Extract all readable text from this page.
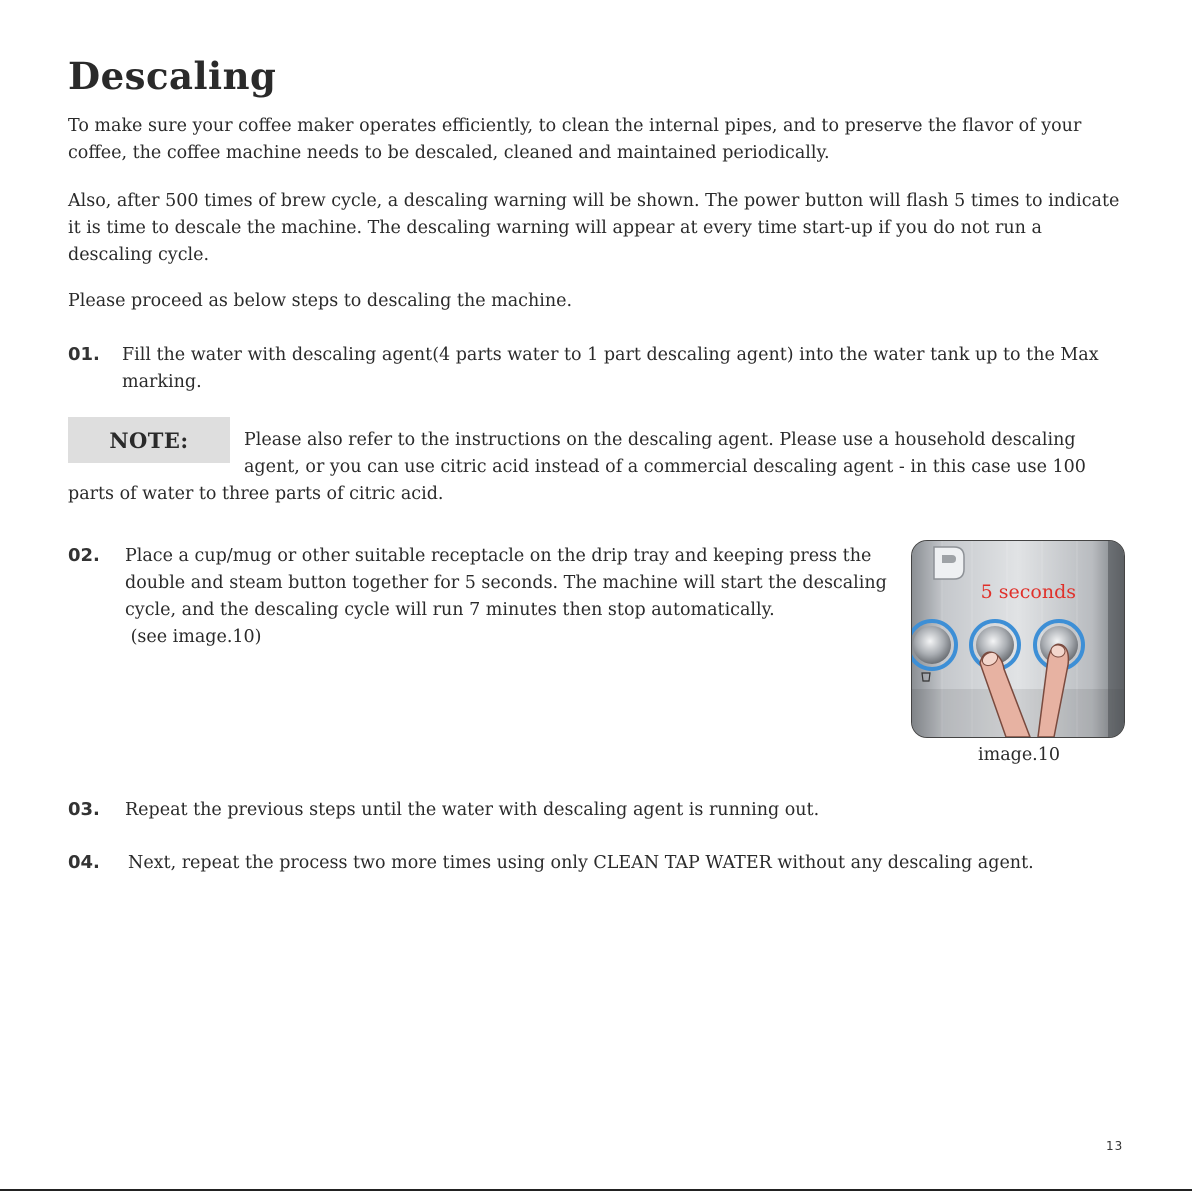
Descaling

To make sure your coffee maker operates efficiently, to clean the internal pipes, and to preserve the flavor of your coffee, the coffee machine needs to be descaled, cleaned and maintained periodically.

Also, after 500 times of brew cycle, a descaling warning will be shown. The power button will flash 5 times to indicate it is time to descale the machine. The descaling warning will appear at every time start-up if you do not run a descaling cycle.

Please proceed as below steps to descaling the machine.

01. Fill the water with descaling agent(4 parts water to 1 part descaling agent) into the water tank up to the Max marking.

NOTE:	Please also refer to the instructions on the descaling agent. Please use a household descaling
agent, or you can use citric acid instead of a commercial descaling agent - in this case use 100
parts of water to three parts of citric acid.
02. Place a cup/mug or other suitable receptacle on the drip tray and keeping press the double and steam button together for 5 seconds. The machine will start the descaling cycle, and the descaling cycle will run 7 minutes then stop automatically.

(see image.10)

5 seconds
image.10
03. Repeat the previous steps until the water with descaling agent is running out.

04. Next, repeat the process two more times using only CLEAN TAP WATER without any descaling agent.

13
